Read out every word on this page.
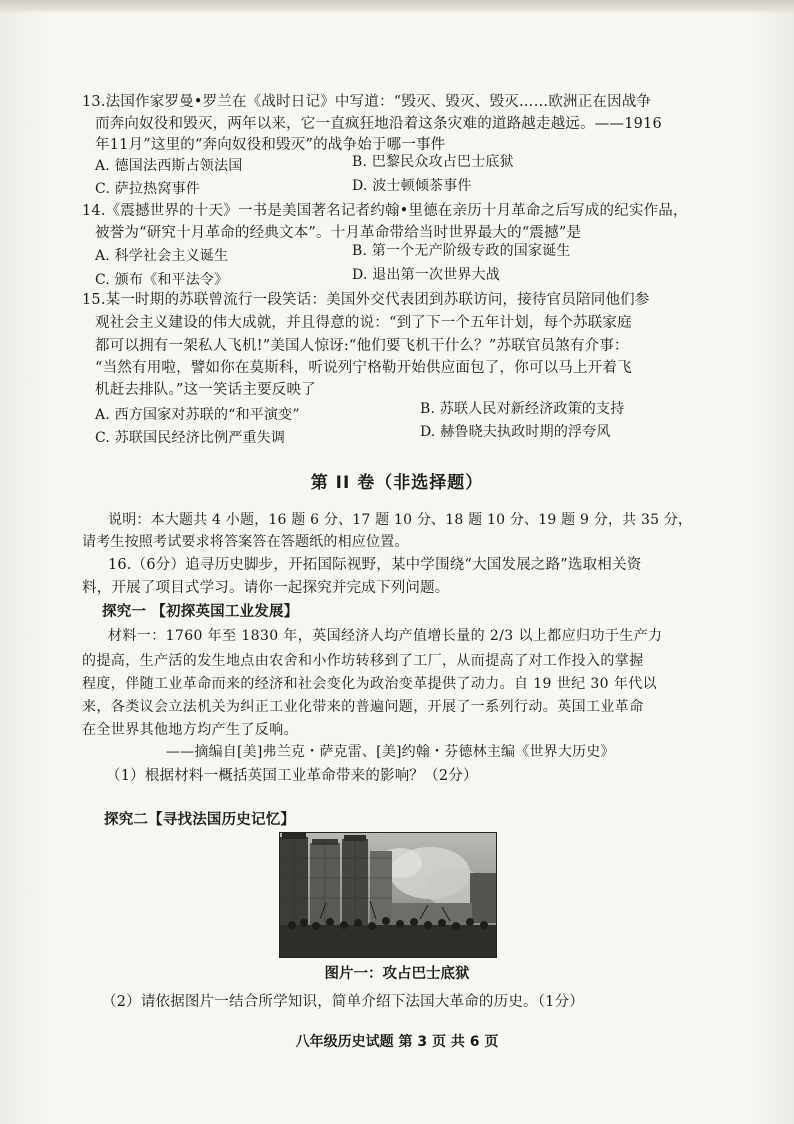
13.法国作家罗曼•罗兰在《战时日记》中写道：“毁灭、毁灭、毁灭……欧洲正在因战争
而奔向奴役和毁灭，两年以来，它一直疯狂地沿着这条灾难的道路越走越远。——1916
年11月”这里的“奔向奴役和毁灭”的战争始于哪一事件
A. 德国法西斯占领法国	B. 巴黎民众攻占巴士底狱
C. 萨拉热窝事件	D. 波士顿倾茶事件
14.《震撼世界的十天》一书是美国著名记者约翰•里德在亲历十月革命之后写成的纪实作品，
被誉为“研究十月革命的经典文本”。十月革命带给当时世界最大的“震撼”是
A. 科学社会主义诞生	B. 第一个无产阶级专政的国家诞生
C. 颁布《和平法令》	D. 退出第一次世界大战
15.某一时期的苏联曾流行一段笑话：美国外交代表团到苏联访问，接待官员陪同他们参
观社会主义建设的伟大成就，并且得意的说：“到了下一个五年计划，每个苏联家庭
都可以拥有一架私人飞机!”美国人惊讶:“他们要飞机干什么？”苏联官员煞有介事：
“当然有用啦，譬如你在莫斯科，听说列宁格勒开始供应面包了，你可以马上开着飞
机赶去排队。”这一笑话主要反映了
A. 西方国家对苏联的“和平演变”	B. 苏联人民对新经济政策的支持
C. 苏联国民经济比例严重失调	D. 赫鲁晓夫执政时期的浮夸风
第 II 卷（非选择题）
说明：本大题共 4 小题，16 题 6 分、17 题 10 分、18 题 10 分、19 题 9 分，共 35 分，
请考生按照考试要求将答案答在答题纸的相应位置。
16.（6分）追寻历史脚步，开拓国际视野，某中学围绕“大国发展之路”选取相关资
料，开展了项目式学习。请你一起探究并完成下列问题。
探究一 【初探英国工业发展】
材料一：1760 年至 1830 年，英国经济人均产值增长量的 2/3 以上都应归功于生产力
的提高，生产活的发生地点由农舍和小作坊转移到了工厂，从而提高了对工作投入的掌握
程度，伴随工业革命而来的经济和社会变化为政治变革提供了动力。自 19 世纪 30 年代以
来，各类议会立法机关为纠正工业化带来的普遍问题，开展了一系列行动。英国工业革命
在全世界其他地方均产生了反响。
——摘编自[美]弗兰克・萨克雷、[美]约翰・芬德林主编《世界大历史》
（1）根据材料一概括英国工业革命带来的影响？（2分）
探究二【寻找法国历史记忆】
图片一：攻占巴士底狱
（2）请依据图片一结合所学知识，简单介绍下法国大革命的历史。（1分）
八年级历史试题 第 3 页 共 6 页
